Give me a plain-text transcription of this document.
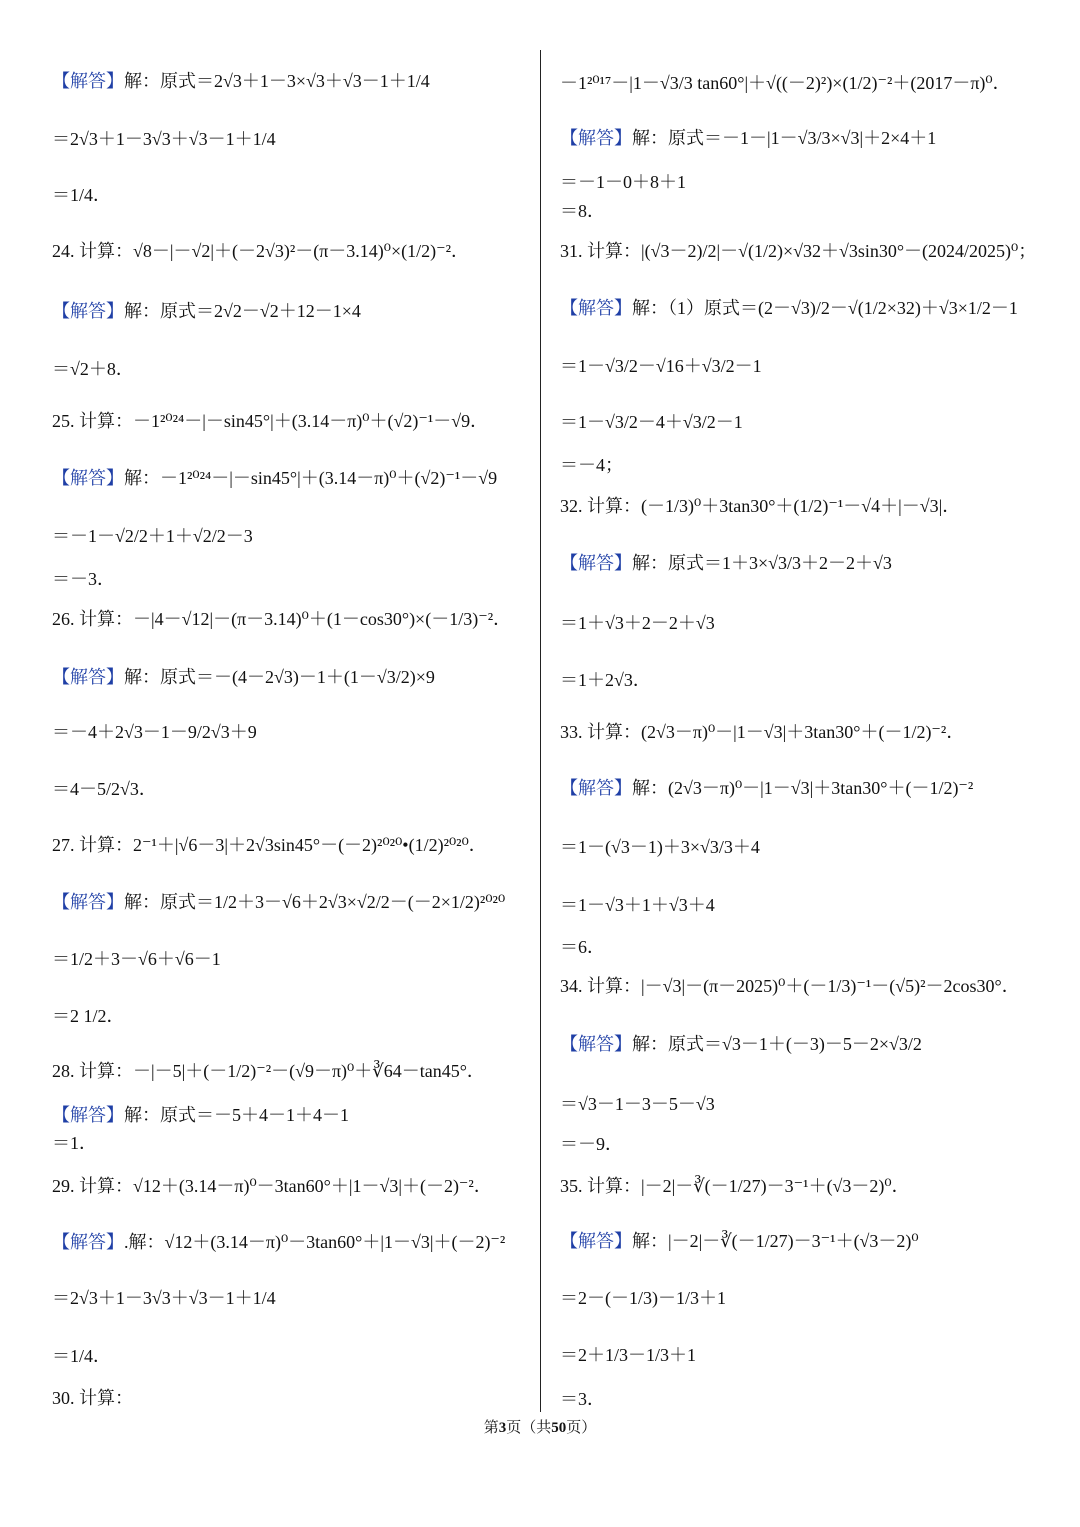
【解答】解：原式＝2√3＋1－3×√3＋√3－1＋1/4
＝2√3＋1－3√3＋√3－1＋1/4
＝1/4．
24. 计算：√8－|－√2|＋(－2√3)²－(π－3.14)⁰×(1/2)⁻²．
【解答】解：原式＝2√2－√2＋12－1×4
＝√2＋8．
25. 计算：－1²⁰²⁴－|－sin45°|＋(3.14－π)⁰＋(√2)⁻¹－√9．
【解答】解：－1²⁰²⁴－|－sin45°|＋(3.14－π)⁰＋(√2)⁻¹－√9
＝－1－√2/2＋1＋√2/2－3
＝－3．
26. 计算：－|4－√12|－(π－3.14)⁰＋(1－cos30°)×(－1/3)⁻²．
【解答】解：原式＝－(4－2√3)－1＋(1－√3/2)×9
＝－4＋2√3－1－9/2√3＋9
＝4－5/2√3．
27. 计算：2⁻¹＋|√6－3|＋2√3sin45°－(－2)²⁰²⁰•(1/2)²⁰²⁰．
【解答】解：原式＝1/2＋3－√6＋2√3×√2/2－(－2×1/2)²⁰²⁰
＝1/2＋3－√6＋√6－1
＝2 1/2．
28. 计算：－|－5|＋(－1/2)⁻²－(√9－π)⁰＋∛64－tan45°．
【解答】解：原式＝－5＋4－1＋4－1
＝1．
29. 计算：√12＋(3.14－π)⁰－3tan60°＋|1－√3|＋(－2)⁻²．
【解答】.解：√12＋(3.14－π)⁰－3tan60°＋|1－√3|＋(－2)⁻²
＝2√3＋1－3√3＋√3－1＋1/4
＝1/4．
30. 计算：
－1²⁰¹⁷－|1－√3/3 tan60°|＋√((－2)²)×(1/2)⁻²＋(2017－π)⁰．
【解答】解：原式＝－1－|1－√3/3×√3|＋2×4＋1
＝－1－0＋8＋1
＝8．
31. 计算：|(√3－2)/2|－√(1/2)×√32＋√3sin30°－(2024/2025)⁰；
【解答】解：（1）原式＝(2－√3)/2－√(1/2×32)＋√3×1/2－1
＝1－√3/2－√16＋√3/2－1
＝1－√3/2－4＋√3/2－1
＝－4；
32. 计算：(－1/3)⁰＋3tan30°＋(1/2)⁻¹－√4＋|－√3|．
【解答】解：原式＝1＋3×√3/3＋2－2＋√3
＝1＋√3＋2－2＋√3
＝1＋2√3．
33. 计算：(2√3－π)⁰－|1－√3|＋3tan30°＋(－1/2)⁻²．
【解答】解：(2√3－π)⁰－|1－√3|＋3tan30°＋(－1/2)⁻²
＝1－(√3－1)＋3×√3/3＋4
＝1－√3＋1＋√3＋4
＝6．
34. 计算：|－√3|－(π－2025)⁰＋(－1/3)⁻¹－(√5)²－2cos30°．
【解答】解：原式＝√3－1＋(－3)－5－2×√3/2
＝√3－1－3－5－√3
＝－9．
35. 计算：|－2|－∛(－1/27)－3⁻¹＋(√3－2)⁰．
【解答】解：|－2|－∛(－1/27)－3⁻¹＋(√3－2)⁰
＝2－(－1/3)－1/3＋1
＝2＋1/3－1/3＋1
＝3．
第3页（共50页）
